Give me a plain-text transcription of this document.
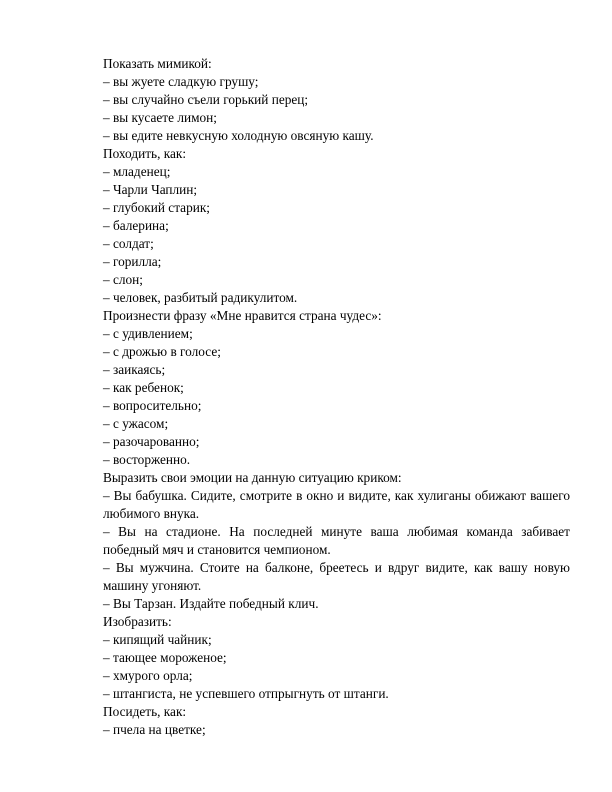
Показать мимикой:
– вы жуете сладкую грушу;
– вы случайно съели горький перец;
– вы кусаете лимон;
– вы едите невкусную холодную овсяную кашу.
Походить, как:
– младенец;
– Чарли Чаплин;
– глубокий старик;
– балерина;
– солдат;
– горилла;
– слон;
– человек, разбитый радикулитом.
Произнести фразу «Мне нравится страна чудес»:
– с удивлением;
– с дрожью в голосе;
– заикаясь;
– как ребенок;
– вопросительно;
– с ужасом;
– разочарованно;
– восторженно.
Выразить свои эмоции на данную ситуацию криком:
– Вы бабушка. Сидите, смотрите в окно и видите, как хулиганы обижают вашего любимого внука.
– Вы на стадионе. На последней минуте ваша любимая команда забивает победный мяч и становится чемпионом.
– Вы мужчина. Стоите на балконе, бреетесь и вдруг видите, как вашу новую машину угоняют.
– Вы Тарзан. Издайте победный клич.
Изобразить:
– кипящий чайник;
– тающее мороженое;
– хмурого орла;
– штангиста, не успевшего отпрыгнуть от штанги.
Посидеть, как:
– пчела на цветке;
